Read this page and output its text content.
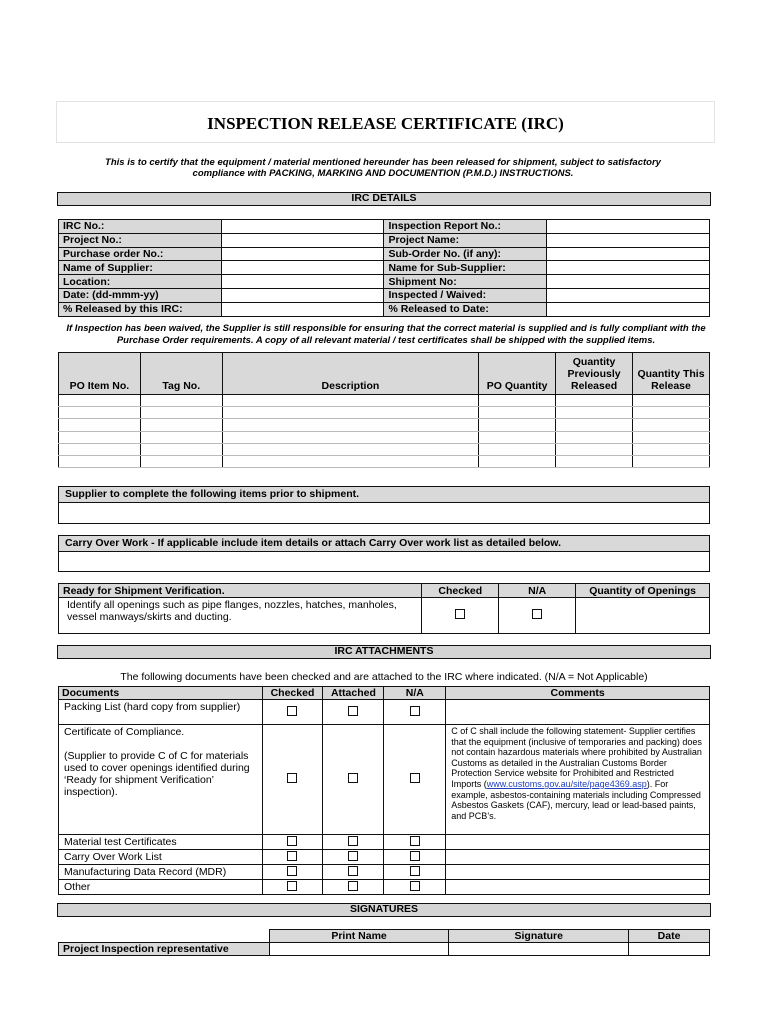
INSPECTION RELEASE CERTIFICATE (IRC)
This is to certify that the equipment / material mentioned hereunder has been released for shipment, subject to satisfactory compliance with PACKING, MARKING AND DOCUMENTION (P.M.D.) INSTRUCTIONS.
IRC DETAILS
IRC No.:		Inspection Report No.:	
Project No.:		Project Name:	
Purchase order No.:		Sub-Order No. (if any):	
Name of Supplier:		Name for Sub-Supplier:	
Location:		Shipment No:	
Date: (dd-mmm-yy)		Inspected / Waived:	
% Released by this IRC:		% Released to Date:	
If Inspection has been waived, the Supplier is still responsible for ensuring that the correct material is supplied and is fully compliant with the Purchase Order requirements. A copy of all relevant material / test certificates shall be shipped with the supplied items.
PO Item No.	Tag No.	Description	PO Quantity	Quantity Previously Released	Quantity This Release

Supplier to complete the following items prior to shipment.
Carry Over Work - If applicable include item details or attach Carry Over work list as detailed below.
Ready for Shipment Verification.	Checked	N/A	Quantity of Openings
Identify all openings such as pipe flanges, nozzles, hatches, manholes, vessel manways/skirts and ducting.			
IRC ATTACHMENTS
The following documents have been checked and are attached to the IRC where indicated. (N/A = Not Applicable)
Documents	Checked	Attached	N/A	Comments
Packing List (hard copy from supplier)				

Certificate of Compliance.
(Supplier to provide C of C for materials used to cover openings identified during ‘Ready for shipment Verification’ inspection).				C of C shall include the following statement- Supplier certifies that the equipment (inclusive of temporaries and packing) does not contain hazardous materials where prohibited by Australian Customs as detailed in the Australian Customs Border Protection Service website for Prohibited and Restricted Imports (www.customs.gov.au/site/page4369.asp). For example, asbestos-containing materials including Compressed Asbestos Gaskets (CAF), mercury, lead or lead-based paints, and PCB’s.
Material test Certificates				
Carry Over Work List				
Manufacturing Data Record (MDR)				
Other				
SIGNATURES
	Print Name	Signature	Date
Project Inspection representative			
